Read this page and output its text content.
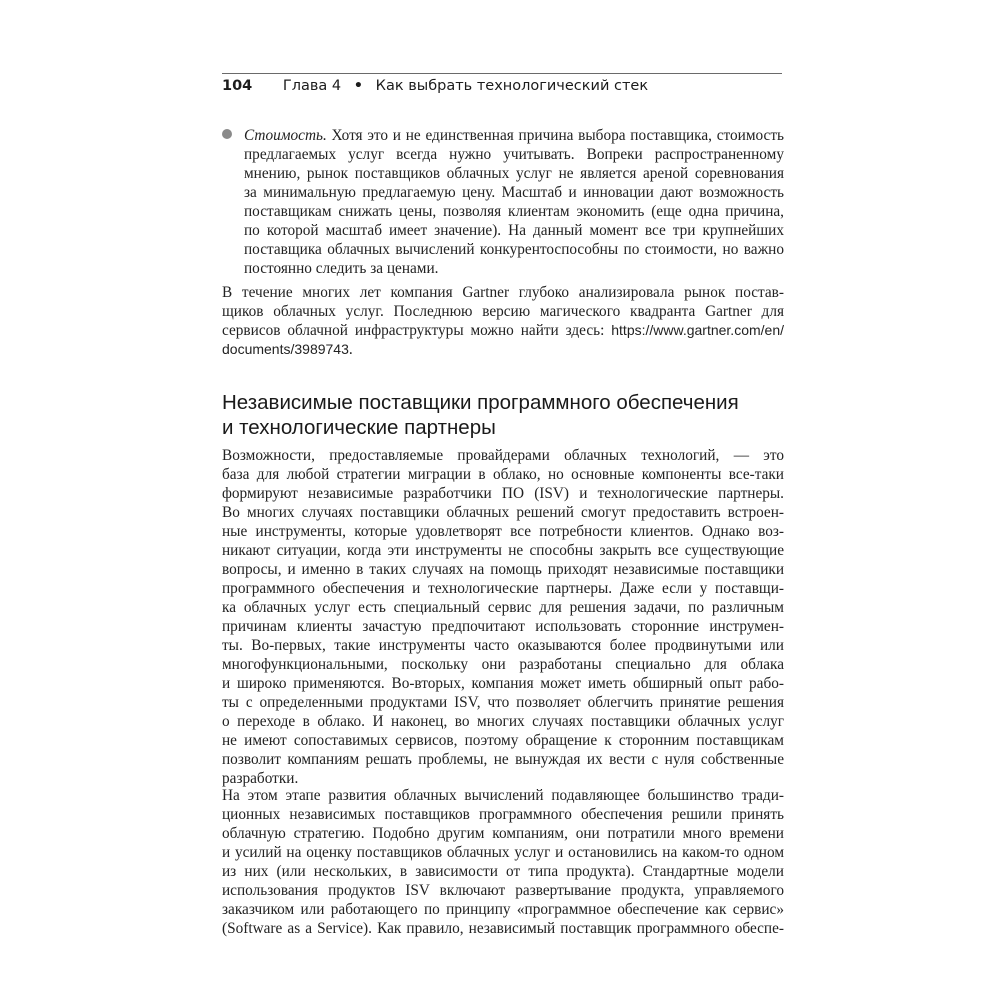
104 Глава 4 • Как выбрать технологический стек
Стоимость. Хотя это и не единственная причина выбора поставщика, стоимость
предлагаемых услуг всегда нужно учитывать. Вопреки распространенному
мнению, рынок поставщиков облачных услуг не является ареной соревнования
за минимальную предлагаемую цену. Масштаб и инновации дают возможность
поставщикам снижать цены, позволяя клиентам экономить (еще одна причина,
по которой масштаб имеет значение). На данный момент все три крупнейших
поставщика облачных вычислений конкурентоспособны по стоимости, но важно
постоянно следить за ценами.
В течение многих лет компания Gartner глубоко анализировала рынок постав-
щиков облачных услуг. Последнюю версию магического квадранта Gartner для
сервисов облачной инфраструктуры можно найти здесь: https://www.gartner.com/en/
documents/3989743.
Независимые поставщики программного обеспечения
и технологические партнеры
Возможности, предоставляемые провайдерами облачных технологий, — это
база для любой стратегии миграции в облако, но основные компоненты все-таки
формируют независимые разработчики ПО (ISV) и технологические партнеры.
Во многих случаях поставщики облачных решений смогут предоставить встроен-
ные инструменты, которые удовлетворят все потребности клиентов. Однако воз-
никают ситуации, когда эти инструменты не способны закрыть все существующие
вопросы, и именно в таких случаях на помощь приходят независимые поставщики
программного обеспечения и технологические партнеры. Даже если у поставщи-
ка облачных услуг есть специальный сервис для решения задачи, по различным
причинам клиенты зачастую предпочитают использовать сторонние инструмен-
ты. Во-первых, такие инструменты часто оказываются более продвинутыми или
многофункциональными, поскольку они разработаны специально для облака
и широко применяются. Во-вторых, компания может иметь обширный опыт рабо-
ты с определенными продуктами ISV, что позволяет облегчить принятие решения
о переходе в облако. И наконец, во многих случаях поставщики облачных услуг
не имеют сопоставимых сервисов, поэтому обращение к сторонним поставщикам
позволит компаниям решать проблемы, не вынуждая их вести с нуля собственные
разработки.
На этом этапе развития облачных вычислений подавляющее большинство тради-
ционных независимых поставщиков программного обеспечения решили принять
облачную стратегию. Подобно другим компаниям, они потратили много времени
и усилий на оценку поставщиков облачных услуг и остановились на каком-то одном
из них (или нескольких, в зависимости от типа продукта). Стандартные модели
использования продуктов ISV включают развертывание продукта, управляемого
заказчиком или работающего по принципу «программное обеспечение как сервис»
(Software as a Service). Как правило, независимый поставщик программного обеспе-
